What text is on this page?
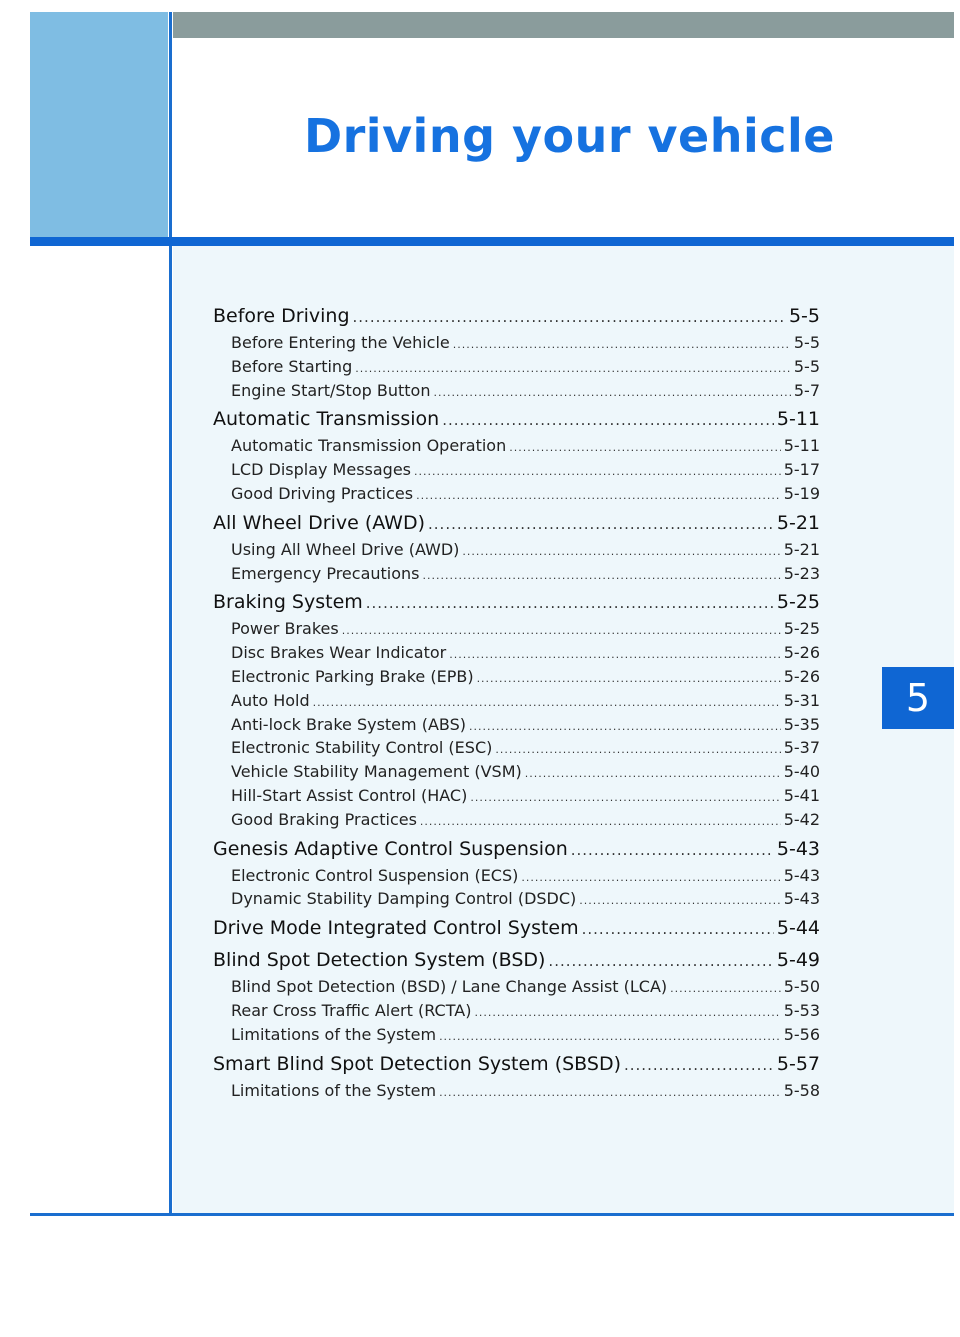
Driving your vehicle
5
Before Driving .....	5-5
Before Entering the Vehicle .....	5-5
Before Starting .....	5-5
Engine Start/Stop Button .....	5-7
Automatic Transmission .....	5-11
Automatic Transmission Operation .....	5-11
LCD Display Messages .....	5-17
Good Driving Practices .....	5-19
All Wheel Drive (AWD) .....	5-21
Using All Wheel Drive (AWD) .....	5-21
Emergency Precautions .....	5-23
Braking System .....	5-25
Power Brakes .....	5-25
Disc Brakes Wear Indicator .....	5-26
Electronic Parking Brake (EPB) .....	5-26
Auto Hold .....	5-31
Anti-lock Brake System (ABS) .....	5-35
Electronic Stability Control (ESC) .....	5-37
Vehicle Stability Management (VSM) .....	5-40
Hill-Start Assist Control (HAC) .....	5-41
Good Braking Practices .....	5-42
Genesis Adaptive Control Suspension .....	5-43
Electronic Control Suspension (ECS) .....	5-43
Dynamic Stability Damping Control (DSDC) .....	5-43
Drive Mode Integrated Control System .....	5-44
Blind Spot Detection System (BSD) .....	5-49
Blind Spot Detection (BSD) / Lane Change Assist (LCA) .....	5-50
Rear Cross Traffic Alert (RCTA) .....	5-53
Limitations of the System .....	5-56
Smart Blind Spot Detection System (SBSD) .....	5-57
Limitations of the System .....	5-58
